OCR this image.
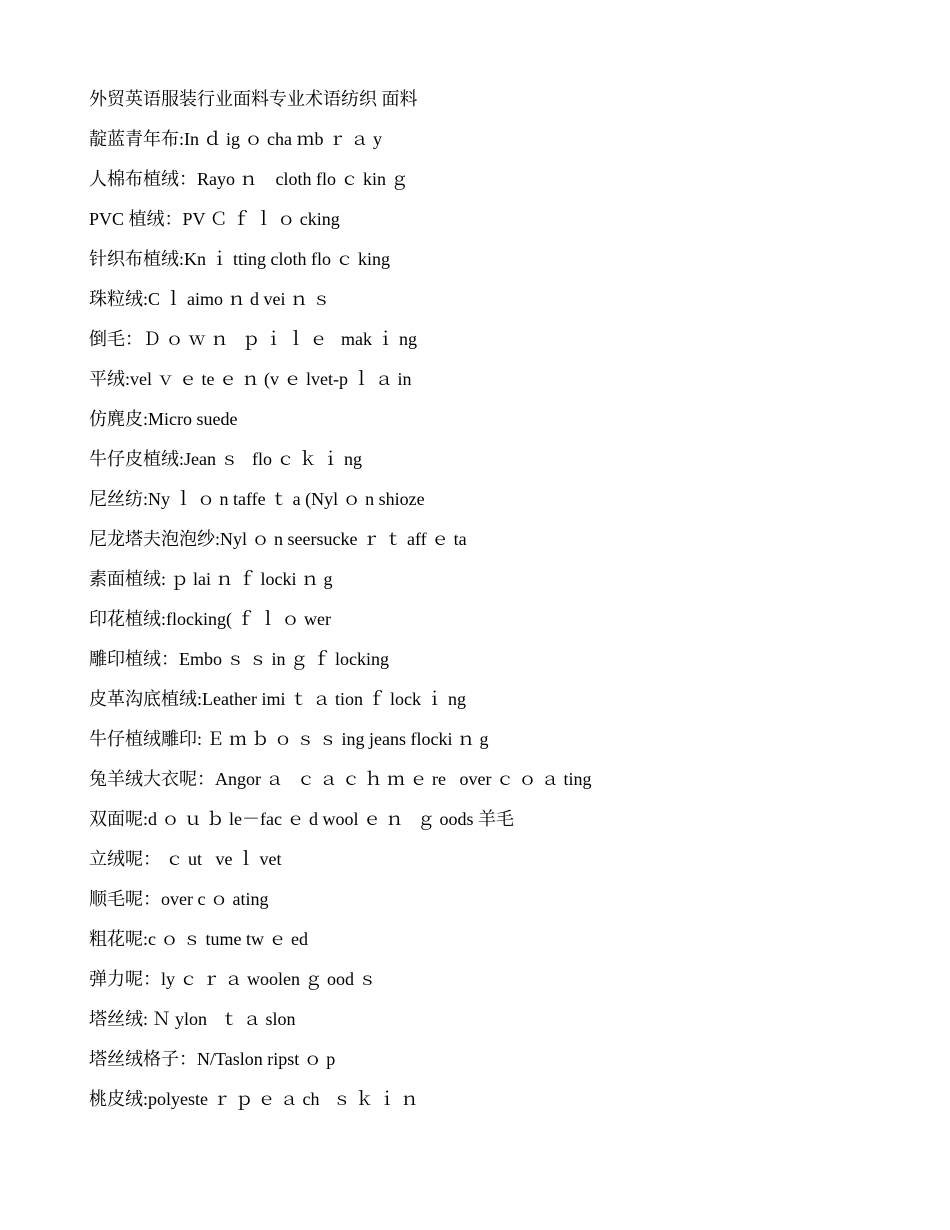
外贸英语服装行业面料专业术语纺织 面料
靛蓝青年布:In ｄ ig ｏ cha ｍb ｒ ａ y
人棉布植绒：Rayo ｎ    cloth flo ｃ kin ｇ
PVC 植绒：PV Ｃ ｆ ｌ ｏ cking
针织布植绒:Kn ｉ tting cloth flo ｃ king
珠粒绒:C ｌ aimo ｎ d vei ｎ ｓ
倒毛：Ｄ ｏ ｗ ｎ   ｐ ｉ ｌ ｅ   mak ｉ ng
平绒:vel ｖ ｅ te ｅ ｎ (v ｅ lvet-p ｌ ａ in
仿麂皮:Micro suede
牛仔皮植绒:Jean ｓ   flo ｃ ｋ ｉ ng
尼丝纺:Ny ｌ ｏ n taffe ｔ a (Nyl ｏ n shioze
尼龙塔夫泡泡纱:Nyl ｏ n seersucke ｒ ｔ aff ｅ ta
素面植绒: ｐ lai ｎ ｆ locki ｎ g
印花植绒:flocking( ｆ ｌ ｏ wer
雕印植绒：Embo ｓ ｓ in ｇ ｆ locking
皮革沟底植绒:Leather imi ｔ ａ tion ｆ lock ｉ ng
牛仔植绒雕印: Ｅ ｍ ｂ ｏ ｓ ｓ ing jeans flocki ｎ g
兔羊绒大衣呢：Angor ａ   ｃ ａ ｃ ｈ ｍ ｅ re   over ｃ ｏ ａ ting
双面呢:d ｏ ｕ ｂ le－fac ｅ d wool ｅ ｎ   ｇ oods 羊毛
立绒呢： ｃ ut   ve ｌ vet
顺毛呢：over c ｏ ating
粗花呢:c ｏ ｓ tume tw ｅ ed
弹力呢：ly ｃ ｒ ａ woolen ｇ ood ｓ
塔丝绒: Ｎ ylon   ｔ ａ slon
塔丝绒格子：N/Taslon ripst ｏ p
桃皮绒:polyeste ｒ ｐ ｅ ａ ch   ｓ ｋ ｉ ｎ
